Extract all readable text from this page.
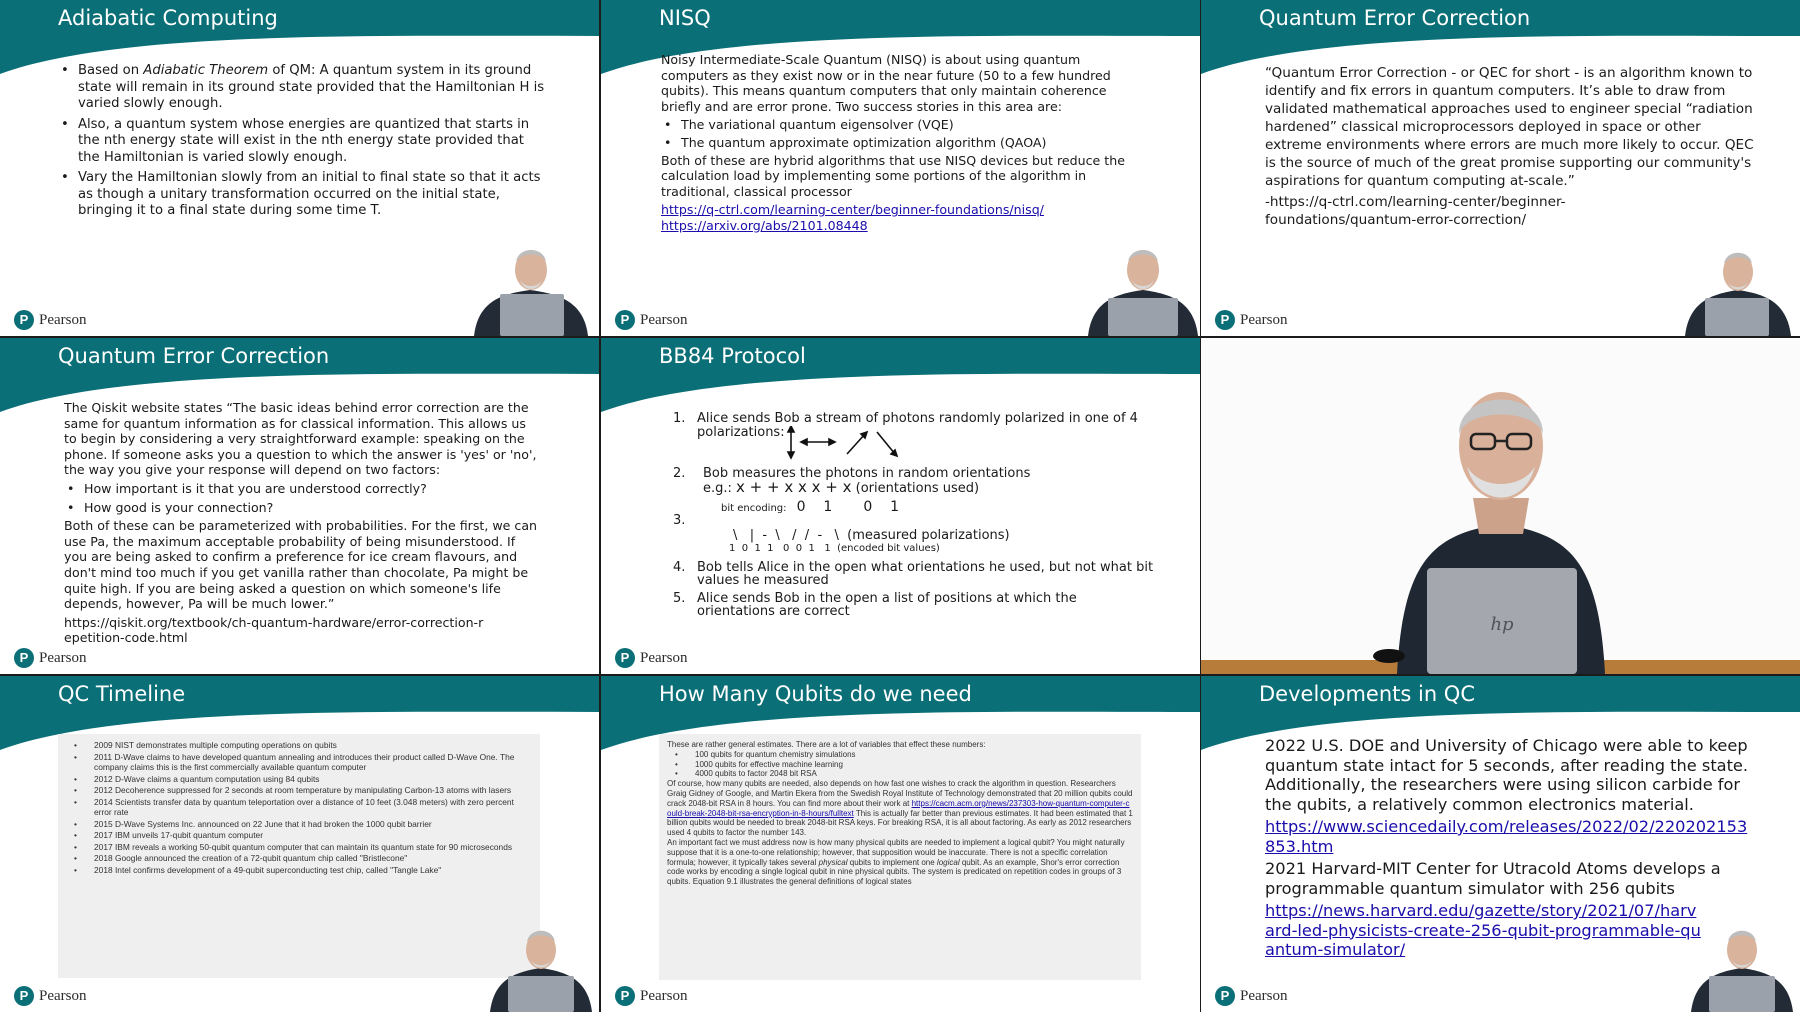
Adiabatic Computing
• Based on Adiabatic Theorem of QM: A quantum system in its ground state will remain in its ground state provided that the Hamiltonian H is varied slowly enough.
• Also, a quantum system whose energies are quantized that starts in the nth energy state will exist in the nth energy state provided that the Hamiltonian is varied slowly enough.
• Vary the Hamiltonian slowly from an initial to final state so that it acts as though a unitary transformation occurred on the initial state, bringing it to a final state during some time T.
P Pearson
NISQ

Noisy Intermediate-Scale Quantum (NISQ) is about using quantum computers as they exist now or in the near future (50 to a few hundred qubits). This means quantum computers that only maintain coherence briefly and are error prone. Two success stories in this area are:

• The variational quantum eigensolver (VQE)
• The quantum approximate optimization algorithm (QAOA)

Both of these are hybrid algorithms that use NISQ devices but reduce the calculation load by implementing some portions of the algorithm in traditional, classical processor

https://q-ctrl.com/learning-center/beginner-foundations/nisq/

https://arxiv.org/abs/2101.08448

P Pearson
Quantum Error Correction

“Quantum Error Correction - or QEC for short - is an algorithm known to identify and fix errors in quantum computers. It’s able to draw from validated mathematical approaches used to engineer special “radiation hardened” classical microprocessors deployed in space or other extreme environments where errors are much more likely to occur. QEC is the source of much of the great promise supporting our community's aspirations for quantum computing at-scale.”

-https://q-ctrl.com/learning-center/beginner-foundations/quantum-error-correction/

P Pearson
Quantum Error Correction

The Qiskit website states “The basic ideas behind error correction are the same for quantum information as for classical information. This allows us to begin by considering a very straightforward example: speaking on the phone. If someone asks you a question to which the answer is 'yes' or 'no', the way you give your response will depend on two factors:

• How important is it that you are understood correctly?
• How good is your connection?

Both of these can be parameterized with probabilities. For the first, we can use Pa, the maximum acceptable probability of being misunderstood. If you are being asked to confirm a preference for ice cream flavours, and don't mind too much if you get vanilla rather than chocolate, Pa might be quite high. If you are being asked a question on which someone's life depends, however, Pa will be much lower.”

https://qiskit.org/textbook/ch-quantum-hardware/error-correction-repetition-code.html

P Pearson
BB84 Protocol
1. Alice sends Bob a stream of photons randomly polarized in one of 4 polarizations:
2.	Bob measures the photons in random orientations
e.g.: x + + x x x + x (orientations used)
bit encoding: 0    1       0    1
3.
\   |  -  \   /  /  -   \  (measured polarizations)
1  0  1  1   0  0  1   1  (encoded bit values)
4. Bob tells Alice in the open what orientations he used, but not what bit values he measured
5. Alice sends Bob in the open a list of positions at which the orientations are correct
P Pearson
hp
QC Timeline
• 2009 NIST demonstrates multiple computing operations on qubits
• 2011 D-Wave claims to have developed quantum annealing and introduces their product called D-Wave One. The company claims this is the first commercially available quantum computer
• 2012 D-Wave claims a quantum computation using 84 qubits
• 2012 Decoherence suppressed for 2 seconds at room temperature by manipulating Carbon-13 atoms with lasers
• 2014 Scientists transfer data by quantum teleportation over a distance of 10 feet (3.048 meters) with zero percent error rate
• 2015 D-Wave Systems Inc. announced on 22 June that it had broken the 1000 qubit barrier
• 2017 IBM unveils 17-qubit quantum computer
• 2017 IBM reveals a working 50-qubit quantum computer that can maintain its quantum state for 90 microseconds
• 2018 Google announced the creation of a 72-qubit quantum chip called "Bristlecone"
• 2018 Intel confirms development of a 49-qubit superconducting test chip, called "Tangle Lake"
P Pearson
How Many Qubits do we need

These are rather general estimates. There are a lot of variables that effect these numbers:

• 100 qubits for quantum chemistry simulations
• 1000 qubits for effective machine learning
• 4000 qubits to factor 2048 bit RSA

Of course, how many qubits are needed, also depends on how fast one wishes to crack the algorithm in question. Researchers Graig Gidney of Google, and Martin Ekera from the Swedish Royal Institute of Technology demonstrated that 20 million qubits could crack 2048-bit RSA in 8 hours. You can find more about their work at https://cacm.acm.org/news/237303-how-quantum-computer-could-break-2048-bit-rsa-encryption-in-8-hours/fulltext This is actually far better than previous estimates. It had been estimated that 1 billion qubits would be needed to break 2048-bit RSA keys. For breaking RSA, it is all about factoring. As early as 2012 researchers used 4 qubits to factor the number 143.

An important fact we must address now is how many physical qubits are needed to implement a logical qubit? You might naturally suppose that it is a one-to-one relationship; however, that supposition would be inaccurate. There is not a specific correlation formula; however, it typically takes several physical qubits to implement one logical qubit. As an example, Shor's error correction code works by encoding a single logical qubit in nine physical qubits. The system is predicated on repetition codes in groups of 3 qubits. Equation 9.1 illustrates the general definitions of logical states

P Pearson
Developments in QC

2022 U.S. DOE and University of Chicago were able to keep quantum state intact for 5 seconds, after reading the state. Additionally, the researchers were using silicon carbide for the qubits, a relatively common electronics material.

https://www.sciencedaily.com/releases/2022/02/220202153853.htm

2021 Harvard-MIT Center for Utracold Atoms develops a programmable quantum simulator with 256 qubits

https://news.harvard.edu/gazette/story/2021/07/harvard-led-physicists-create-256-qubit-programmable-quantum-simulator/

P Pearson
